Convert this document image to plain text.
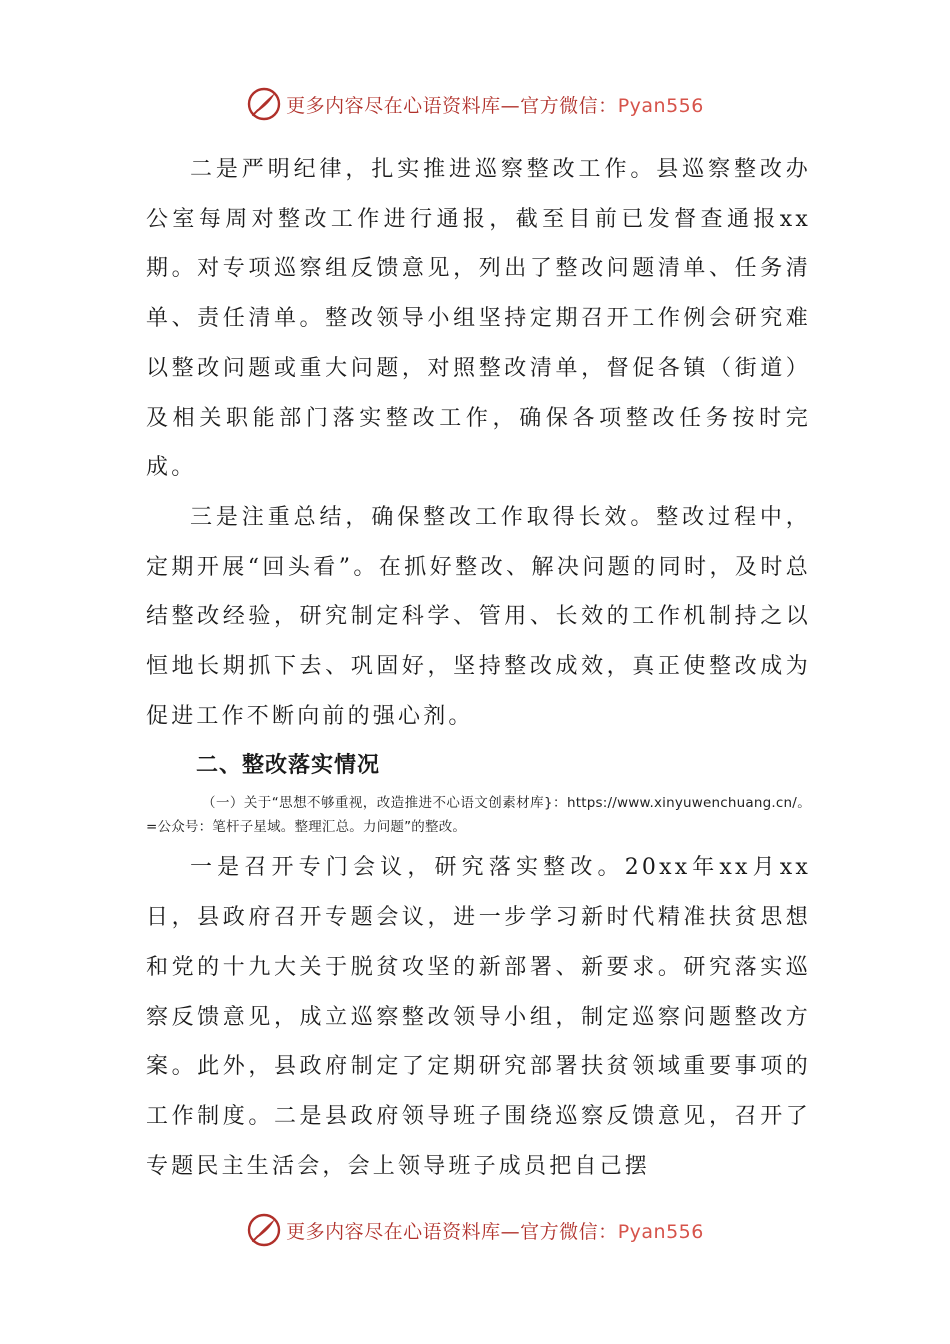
更多内容尽在心语资料库—官方微信：Pyan556

二是严明纪律，扎实推进巡察整改工作。县巡察整改办公室每周对整改工作进行通报，截至目前已发督查通报xx期。对专项巡察组反馈意见，列出了整改问题清单、任务清单、责任清单。整改领导小组坚持定期召开工作例会研究难以整改问题或重大问题，对照整改清单，督促各镇（街道）及相关职能部门落实整改工作，确保各项整改任务按时完成。

三是注重总结，确保整改工作取得长效。整改过程中，定期开展“回头看”。在抓好整改、解决问题的同时，及时总结整改经验，研究制定科学、管用、长效的工作机制持之以恒地长期抓下去、巩固好，坚持整改成效，真正使整改成为促进工作不断向前的强心剂。

二、整改落实情况

（一）关于“思想不够重视，改造推进不心语文创素材库}：https://www.xinyuwenchuang.cn/。=公众号：笔杆子星域。整理汇总。力问题”的整改。

一是召开专门会议，研究落实整改。20xx年xx月xx日，县政府召开专题会议，进一步学习新时代精准扶贫思想和党的十九大关于脱贫攻坚的新部署、新要求。研究落实巡察反馈意见，成立巡察整改领导小组，制定巡察问题整改方案。此外，县政府制定了定期研究部署扶贫领域重要事项的工作制度。二是县政府领导班子围绕巡察反馈意见，召开了专题民主生活会，会上领导班子成员把自己摆

更多内容尽在心语资料库—官方微信：Pyan556
